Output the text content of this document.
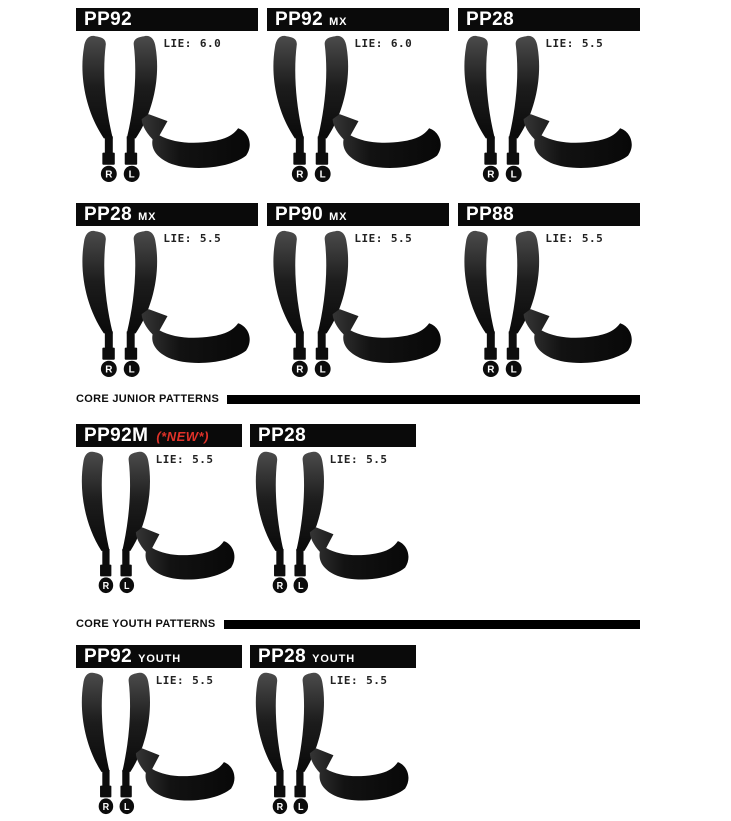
PP92
LIE: 6.0
R L
PP92 MX
LIE: 6.0
R L
PP28
LIE: 5.5
R L
PP28 MX
LIE: 5.5
R L
PP90 MX
LIE: 5.5
R L
PP88
LIE: 5.5
R L
CORE JUNIOR PATTERNS
PP92M (*NEW*)
LIE: 5.5
R L
PP28
LIE: 5.5
R L
CORE YOUTH PATTERNS
PP92 YOUTH
LIE: 5.5
R L
PP28 YOUTH
LIE: 5.5
R L
